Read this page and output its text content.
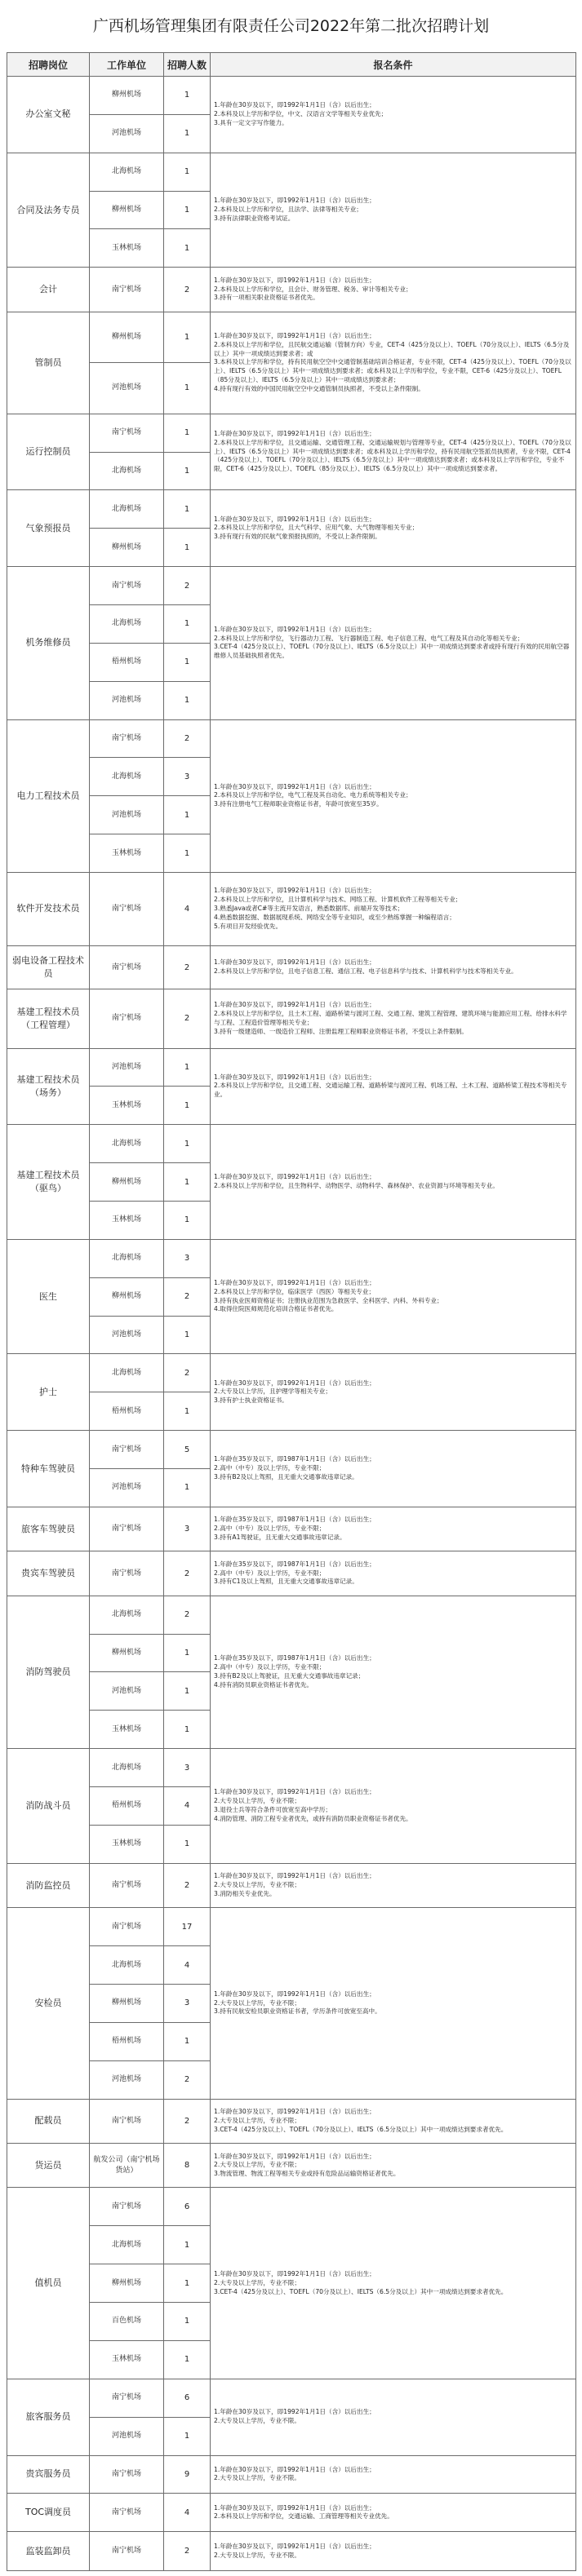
广西机场管理集团有限责任公司2022年第二批次招聘计划
招聘岗位	工作单位	招聘人数	报名条件
办公室文秘	柳州机场	1	1.年龄在30岁及以下，即1992年1月1日（含）以后出生；
2.本科及以上学历和学位，中文、汉语言文学等相关专业优先；
3.具有一定文字写作能力。

	河池机场	1	
合同及法务专员	北海机场	1	1.年龄在30岁及以下，即1992年1月1日（含）以后出生；
2.本科及以上学历和学位，且法学、法律等相关专业；
3.持有法律职业资格考试证。

	柳州机场	1	
	玉林机场	1	
会计	南宁机场	2	1.年龄在30岁及以下，即1992年1月1日（含）以后出生；
2.本科及以上学历和学位，且会计、财务管理、税务、审计等相关专业；
3.持有一项相关职业资格证书者优先。

管制员	柳州机场	1	1.年龄在30岁及以下，即1992年1月1日（含）以后出生；
2.本科及以上学历和学位，且民航交通运输（管制方向）专业，CET-4（425分及以上）、TOEFL（70分及以上）、IELTS（6.5分及以上）其中一项成绩达到要求者；或
3.本科及以上学历和学位，持有民用航空空中交通管制基础培训合格证者，专业不限，CET-4（425分及以上）、TOEFL（70分及以上）、IELTS（6.5分及以上）其中一项成绩达到要求者；或本科及以上学历和学位，专业不限，CET-6（425分及以上）、TOEFL（85分及以上）、IELTS（6.5分及以上）其中一项成绩达到要求者；
4.持有现行有效的中国民用航空空中交通管制员执照者，不受以上条件限制。

	河池机场	1	
运行控制员	南宁机场	1	1.年龄在30岁及以下，即1992年1月1日（含）以后出生；
2.本科及以上学历和学位，且交通运输、交通管理工程、交通运输规划与管理等专业，CET-4（425分及以上）、TOEFL（70分及以上）、IELTS（6.5分及以上）其中一项成绩达到要求者；或本科及以上学历和学位，持有民用航空签派员执照者，专业不限，CET-4（425分及以上）、TOEFL（70分及以上）、IELTS（6.5分及以上）其中一项成绩达到要求者；或本科及以上学历和学位，专业不限，CET-6（425分及以上）、TOEFL（85分及以上）、IELTS（6.5分及以上）其中一项成绩达到要求者。

	北海机场	1	
气象预报员	北海机场	1	1.年龄在30岁及以下，即1992年1月1日（含）以后出生；
2.本科及以上学历和学位，且大气科学、应用气象、大气物理等相关专业；
3.持有现行有效的民航气象预报执照的，不受以上条件限制。

	柳州机场	1	
机务维修员	南宁机场	2	1.年龄在30岁及以下，即1992年1月1日（含）以后出生；
2.本科及以上学历和学位，飞行器动力工程、飞行器制造工程、电子信息工程、电气工程及其自动化等相关专业；
3.CET-4（425分及以上）、TOEFL（70分及以上）、IELTS（6.5分及以上）其中一项成绩达到要求者或持有现行有效的民用航空器维修人员基础执照者优先。

	北海机场	1	
	梧州机场	1	
	河池机场	1	
电力工程技术员	南宁机场	2	1.年龄在30岁及以下，即1992年1月1日（含）以后出生；
2.本科及以上学历和学位，电气工程及其自动化、电力系统等相关专业；
3.持有注册电气工程师职业资格证书者，年龄可放宽至35岁。

	北海机场	3	
	河池机场	1	
	玉林机场	1	
软件开发技术员	南宁机场	4	1.年龄在30岁及以下，即1992年1月1日（含）以后出生；
2.本科及以上学历和学位，且计算机科学与技术、网络工程、计算机软件工程等相关专业；
3.熟悉Java或者C#等主流开发语言，熟悉数据库、前端开发等技术；
4.熟悉数据挖掘、数据展现系统、网络安全等专业知识，或至少熟练掌握一种编程语言；
5.有项目开发经验优先。

弱电设备工程技术员	南宁机场	2	1.年龄在30岁及以下，即1992年1月1日（含）以后出生；
2.本科及以上学历和学位，且电子信息工程、通信工程、电子信息科学与技术、计算机科学与技术等相关专业。

基建工程技术员（工程管理）	南宁机场	2	1.年龄在30岁及以下，即1992年1月1日（含）以后出生；
2.本科及以上学历和学位，且土木工程、道路桥梁与渡河工程、交通工程、建筑工程管理、建筑环境与能源应用工程、给排水科学与工程、工程造价管理等相关专业；
3.持有一级建造师、一级造价工程师、注册监理工程师职业资格证书者，不受以上条件限制。

基建工程技术员（场务）	河池机场	1	1.年龄在30岁及以下，即1992年1月1日（含）以后出生；
2.本科及以上学历和学位，且交通工程、交通运输工程、道路桥梁与渡河工程、机场工程、土木工程、道路桥梁工程技术等相关专业。

	玉林机场	1	
基建工程技术员（驱鸟）	北海机场	1	1.年龄在30岁及以下，即1992年1月1日（含）以后出生；
2.本科及以上学历和学位，且生物科学、动物医学、动物科学、森林保护、农业资源与环境等相关专业。

	柳州机场	1	
	玉林机场	1	
医生	北海机场	3	1.年龄在30岁及以下，即1992年1月1日（含）以后出生；
2.本科及以上学历和学位，临床医学（西医）等相关专业；
3.持有执业医师资格证书；注册执业范围为急救医学、全科医学、内科、外科专业；
4.取得住院医师规范化培训合格证书者优先。

	柳州机场	2	
	河池机场	1	
护士	北海机场	2	1.年龄在30岁及以下，即1992年1月1日（含）以后出生；
2.大专及以上学历，且护理学等相关专业；
3.持有护士执业资格证书。

	梧州机场	1	
特种车驾驶员	南宁机场	5	1.年龄在35岁及以下，即1987年1月1日（含）以后出生；
2.高中（中专）及以上学历，专业不限；
3.持有B2及以上驾照，且无重大交通事故违章记录。

	河池机场	1	
旅客车驾驶员	南宁机场	3	1.年龄在35岁及以下，即1987年1月1日（含）以后出生；
2.高中（中专）及以上学历，专业不限；
3.持有A1驾驶证，且无重大交通事故违章记录。

贵宾车驾驶员	南宁机场	2	1.年龄在35岁及以下，即1987年1月1日（含）以后出生；
2.高中（中专）及以上学历，专业不限；
3.持有C1及以上驾照，且无重大交通事故违章记录。

消防驾驶员	北海机场	2	1.年龄在35岁及以下，即1987年1月1日（含）以后出生；
2.高中（中专）及以上学历，专业不限；
3.持有B2及以上驾驶证，且无重大交通事故违章记录；
4.持有消防员职业资格证书者优先。

	柳州机场	1	
	河池机场	1	
	玉林机场	1	
消防战斗员	北海机场	3	1.年龄在30岁及以下，即1992年1月1日（含）以后出生；
2.大专及以上学历，专业不限；
3.退役士兵等符合条件可放宽至高中学历；
4.消防管理、消防工程专业者优先，或持有消防员职业资格证书者优先。

	梧州机场	4	
	玉林机场	1	
消防监控员	南宁机场	2	1.年龄在30岁及以下，即1992年1月1日（含）以后出生；
2.大专及以上学历，专业不限；
3.消防相关专业优先。

安检员	南宁机场	17	1.年龄在30岁及以下，即1992年1月1日（含）以后出生；
2.大专及以上学历，专业不限；
3.持有民航安检员职业资格证书者，学历条件可放宽至高中。

	北海机场	4	
	柳州机场	3	
	梧州机场	1	
	河池机场	2	
配载员	南宁机场	2	1.年龄在30岁及以下，即1992年1月1日（含）以后出生；
2.大专及以上学历，专业不限；
3.CET-4（425分及以上）、TOEFL（70分及以上）、IELTS（6.5分及以上）其中一项成绩达到要求者优先。

货运员	航发公司（南宁机场货站）	8	1.年龄在30岁及以下，即1992年1月1日（含）以后出生；
2.大专及以上学历，专业不限；
3.物流管理、物流工程等相关专业或持有危险品运输资格证者优先。

值机员	南宁机场	6	1.年龄在30岁及以下，即1992年1月1日（含）以后出生；
2.大专及以上学历，专业不限；
3.CET-4（425分及以上）、TOEFL（70分及以上）、IELTS（6.5分及以上）其中一项成绩达到要求者优先。

	北海机场	1	
	柳州机场	1	
	百色机场	1	
	玉林机场	1	
旅客服务员	南宁机场	6	1.年龄在30岁及以下，即1992年1月1日（含）以后出生；
2.大专及以上学历，专业不限。

	河池机场	1	
贵宾服务员	南宁机场	9	1.年龄在30岁及以下，即1992年1月1日（含）以后出生；
2.大专及以上学历，专业不限。

TOC调度员	南宁机场	4	1.年龄在30岁及以下，即1992年1月1日（含）以后出生；
2.本科及以上学历和学位，交通运输、工商管理等相关专业优先。

监装监卸员	南宁机场	2	1.年龄在30岁及以下，即1992年1月1日（含）以后出生；
2.大专及以上学历，专业不限。
